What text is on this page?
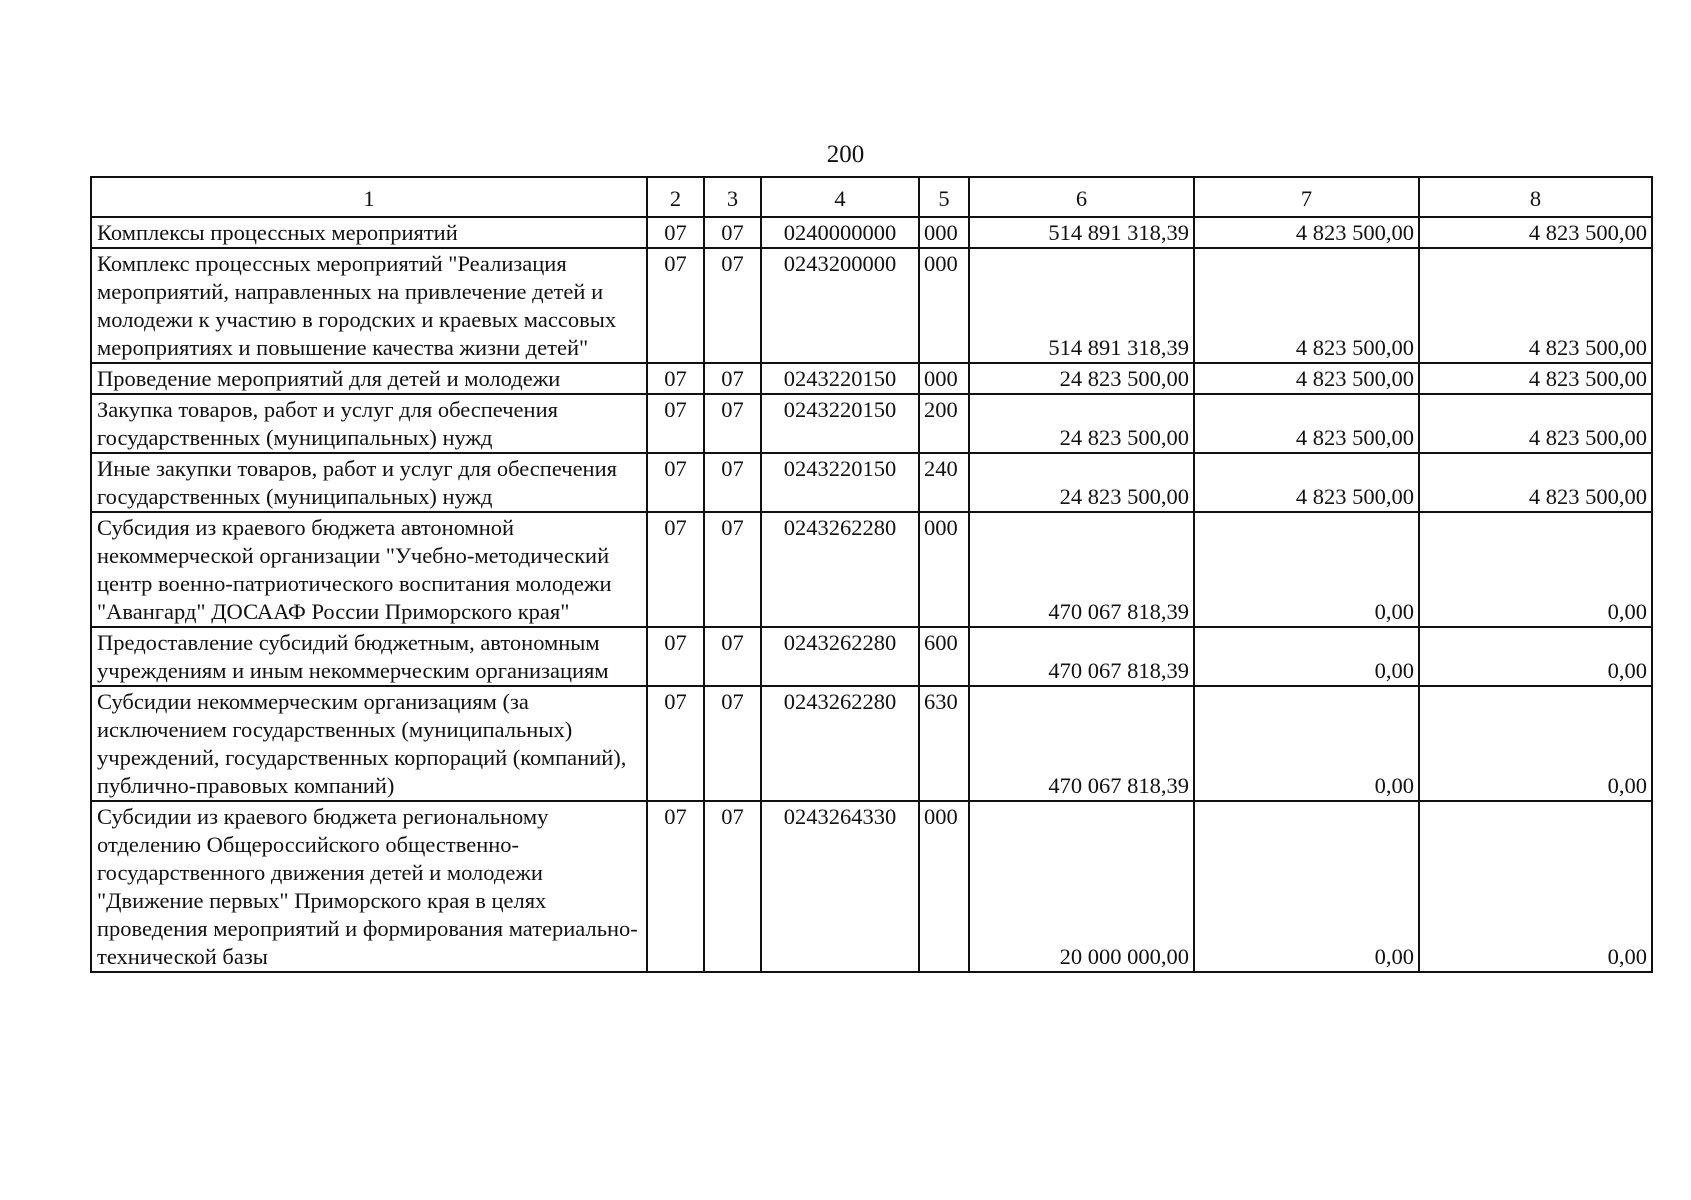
200
1	2	3	4	5	6	7	8
Комплексы процессных мероприятий	07	07	0240000000	000	514 891 318,39	4 823 500,00	4 823 500,00
Комплекс процессных мероприятий "Реализация мероприятий, направленных на привлечение детей и молодежи к участию в городских и краевых массовых мероприятиях и повышение качества жизни детей"	07	07	0243200000	000	514 891 318,39	4 823 500,00	4 823 500,00
Проведение мероприятий для детей и молодежи	07	07	0243220150	000	24 823 500,00	4 823 500,00	4 823 500,00
Закупка товаров, работ и услуг для обеспечения государственных (муниципальных) нужд	07	07	0243220150	200	24 823 500,00	4 823 500,00	4 823 500,00
Иные закупки товаров, работ и услуг для обеспечения государственных (муниципальных) нужд	07	07	0243220150	240	24 823 500,00	4 823 500,00	4 823 500,00
Субсидия из краевого бюджета автономной некоммерческой организации "Учебно-методический центр военно-патриотического воспитания молодежи "Авангард" ДОСААФ России Приморского края"	07	07	0243262280	000	470 067 818,39	0,00	0,00
Предоставление субсидий бюджетным, автономным учреждениям и иным некоммерческим организациям	07	07	0243262280	600	470 067 818,39	0,00	0,00
Субсидии некоммерческим организациям (за исключением государственных (муниципальных) учреждений, государственных корпораций (компаний), публично-правовых компаний)	07	07	0243262280	630	470 067 818,39	0,00	0,00
Субсидии из краевого бюджета региональному отделению Общероссийского общественно-государственного движения детей и молодежи "Движение первых" Приморского края в целях проведения мероприятий и формирования материально-технической базы	07	07	0243264330	000	20 000 000,00	0,00	0,00
